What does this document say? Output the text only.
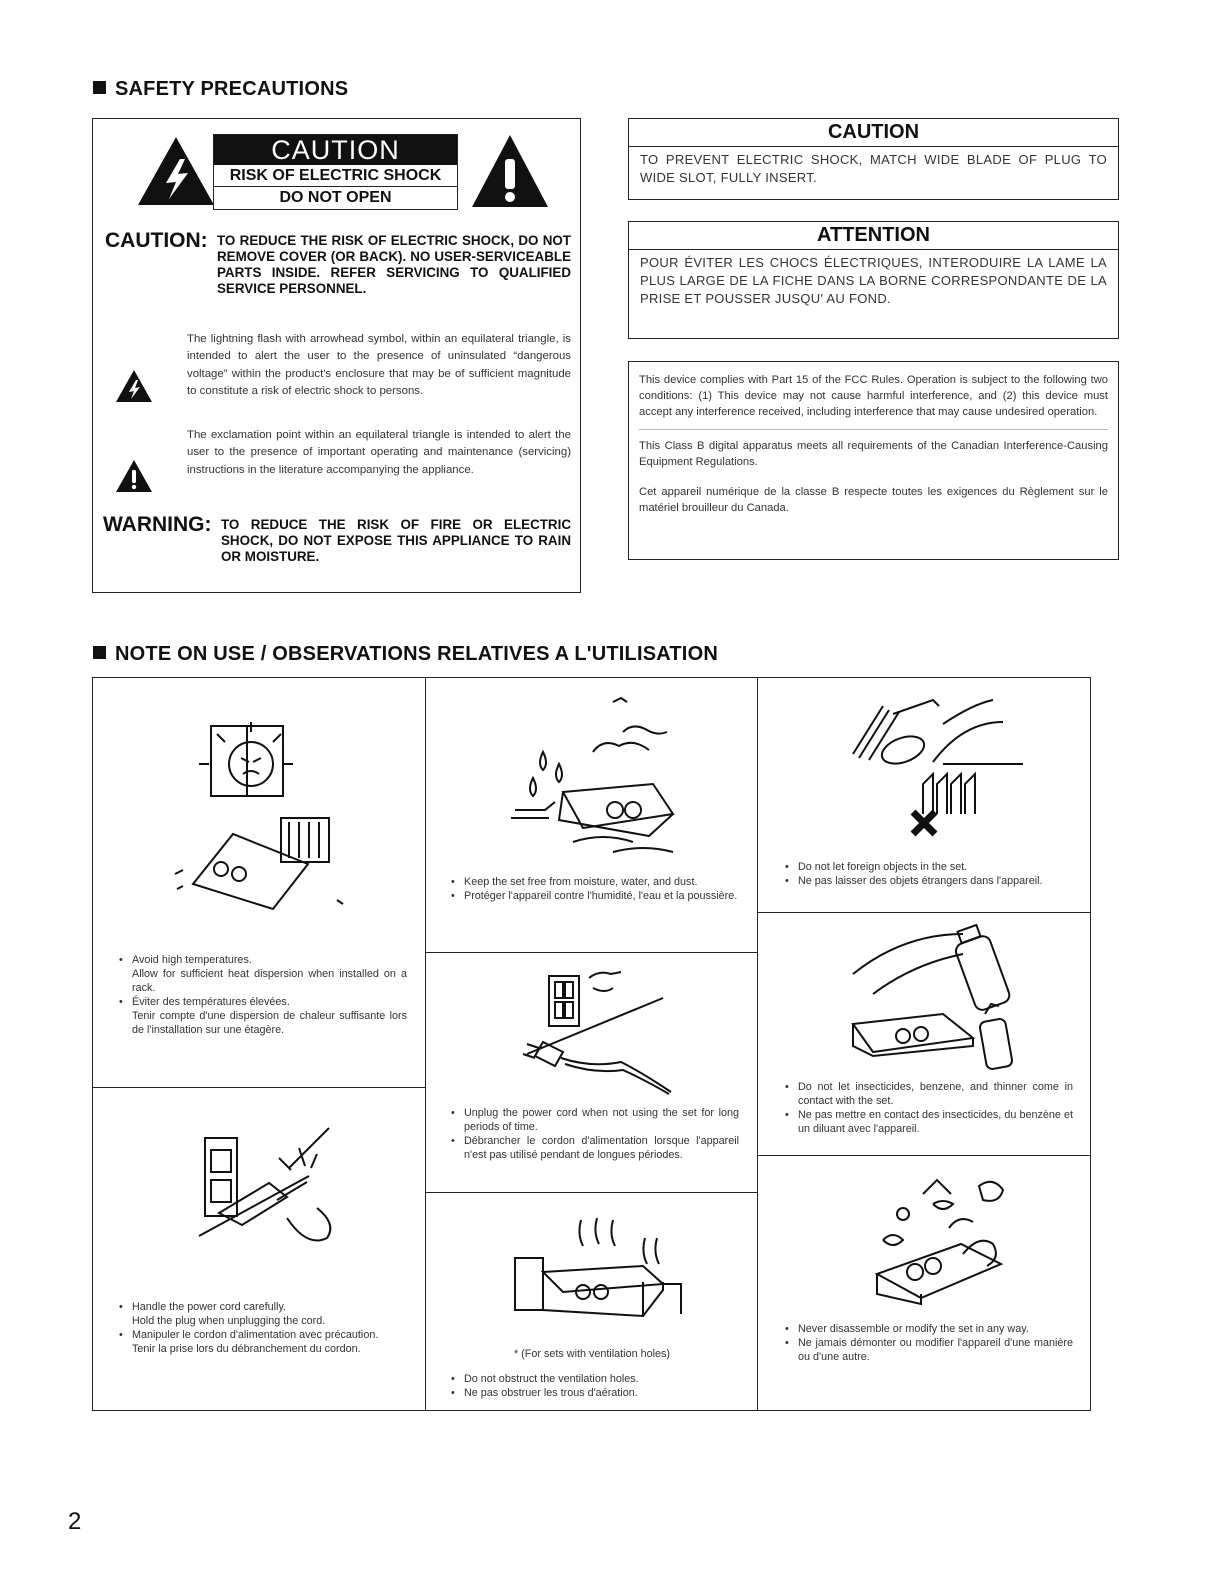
SAFETY PRECAUTIONS
CAUTION
RISK OF ELECTRIC SHOCK
DO NOT OPEN
CAUTION: TO REDUCE THE RISK OF ELECTRIC SHOCK, DO NOT REMOVE COVER (OR BACK). NO USER-SERVICEABLE PARTS INSIDE. REFER SERVICING TO QUALIFIED SERVICE PERSONNEL.
The lightning flash with arrowhead symbol, within an equilateral triangle, is intended to alert the user to the presence of uninsulated “dangerous voltage” within the product's enclosure that may be of sufficient magnitude to constitute a risk of electric shock to persons.
The exclamation point within an equilateral triangle is intended to alert the user to the presence of important operating and maintenance (servicing) instructions in the literature accompanying the appliance.
WARNING: TO REDUCE THE RISK OF FIRE OR ELECTRIC SHOCK, DO NOT EXPOSE THIS APPLIANCE TO RAIN OR MOISTURE.
CAUTION
TO PREVENT ELECTRIC SHOCK, MATCH WIDE BLADE OF PLUG TO WIDE SLOT, FULLY INSERT.
ATTENTION
POUR ÉVITER LES CHOCS ÉLECTRIQUES, INTERODUIRE LA LAME LA PLUS LARGE DE LA FICHE DANS LA BORNE CORRESPONDANTE DE LA PRISE ET POUSSER JUSQU' AU FOND.

This device complies with Part 15 of the FCC Rules. Operation is subject to the following two conditions: (1) This device may not cause harmful interference, and (2) this device must accept any interference received, including interference that may cause undesired operation.

This Class B digital apparatus meets all requirements of the Canadian Interference-Causing Equipment Regulations.

Cet appareil numérique de la classe B respecte toutes les exigences du Règlement sur le matériel brouilleur du Canada.

NOTE ON USE / OBSERVATIONS RELATIVES A L'UTILISATION
• Avoid high temperatures.
Allow for sufficient heat dispersion when installed on a rack.
• Éviter des températures élevées.
Tenir compte d'une dispersion de chaleur suffisante lors de l'installation sur une étagère.
• Handle the power cord carefully.
Hold the plug when unplugging the cord.
• Manipuler le cordon d'alimentation avec précaution.
Tenir la prise lors du débranchement du cordon.
• Keep the set free from moisture, water, and dust.
• Protéger l'appareil contre l'humidité, l'eau et la poussière.
• Unplug the power cord when not using the set for long periods of time.
• Débrancher le cordon d'alimentation lorsque l'appareil n'est pas utilisé pendant de longues périodes.
* (For sets with ventilation holes)
• Do not obstruct the ventilation holes.
• Ne pas obstruer les trous d'aération.
• Do not let foreign objects in the set.
• Ne pas laisser des objets étrangers dans l'appareil.
• Do not let insecticides, benzene, and thinner come in contact with the set.
• Ne pas mettre en contact des insecticides, du benzène et un diluant avec l'appareil.
• Never disassemble or modify the set in any way.
• Ne jamais démonter ou modifier l'appareil d'une manière ou d'une autre.
2
